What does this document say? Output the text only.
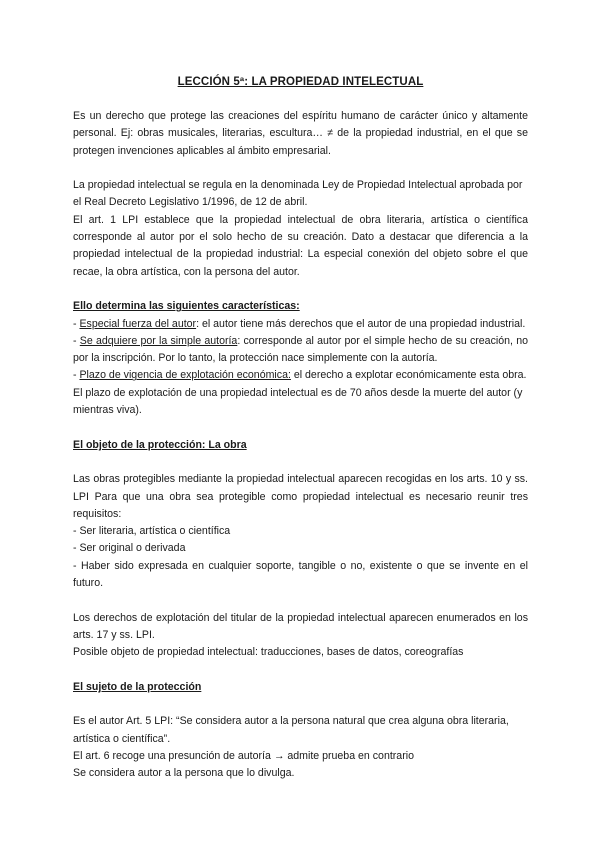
LECCIÓN 5ª: LA PROPIEDAD INTELECTUAL

Es un derecho que protege las creaciones del espíritu humano de carácter único y altamente personal. Ej: obras musicales, literarias, escultura… ≠ de la propiedad industrial, en el que se protegen invenciones aplicables al ámbito empresarial.

La propiedad intelectual se regula en la denominada Ley de Propiedad Intelectual aprobada por el Real Decreto Legislativo 1/1996, de 12 de abril.

El art. 1 LPI establece que la propiedad intelectual de obra literaria, artística o científica corresponde al autor por el solo hecho de su creación. Dato a destacar que diferencia a la propiedad intelectual de la propiedad industrial: La especial conexión del objeto sobre el que recae, la obra artística, con la persona del autor.

Ello determina las siguientes características:

- Especial fuerza del autor: el autor tiene más derechos que el autor de una propiedad industrial.

- Se adquiere por la simple autoría: corresponde al autor por el simple hecho de su creación, no por la inscripción. Por lo tanto, la protección nace simplemente con la autoría.

- Plazo de vigencia de explotación económica: el derecho a explotar económicamente esta obra. El plazo de explotación de una propiedad intelectual es de 70 años desde la muerte del autor (y mientras viva).

El objeto de la protección: La obra

Las obras protegibles mediante la propiedad intelectual aparecen recogidas en los arts. 10 y ss. LPI Para que una obra sea protegible como propiedad intelectual es necesario reunir tres requisitos:

- Ser literaria, artística o científica

- Ser original o derivada

- Haber sido expresada en cualquier soporte, tangible o no, existente o que se invente en el futuro.

Los derechos de explotación del titular de la propiedad intelectual aparecen enumerados en los arts. 17 y ss. LPI.

Posible objeto de propiedad intelectual: traducciones, bases de datos, coreografías

El sujeto de la protección

Es el autor Art. 5 LPI: “Se considera autor a la persona natural que crea alguna obra literaria, artística o científica”.

El art. 6 recoge una presunción de autoría → admite prueba en contrario

Se considera autor a la persona que lo divulga.
